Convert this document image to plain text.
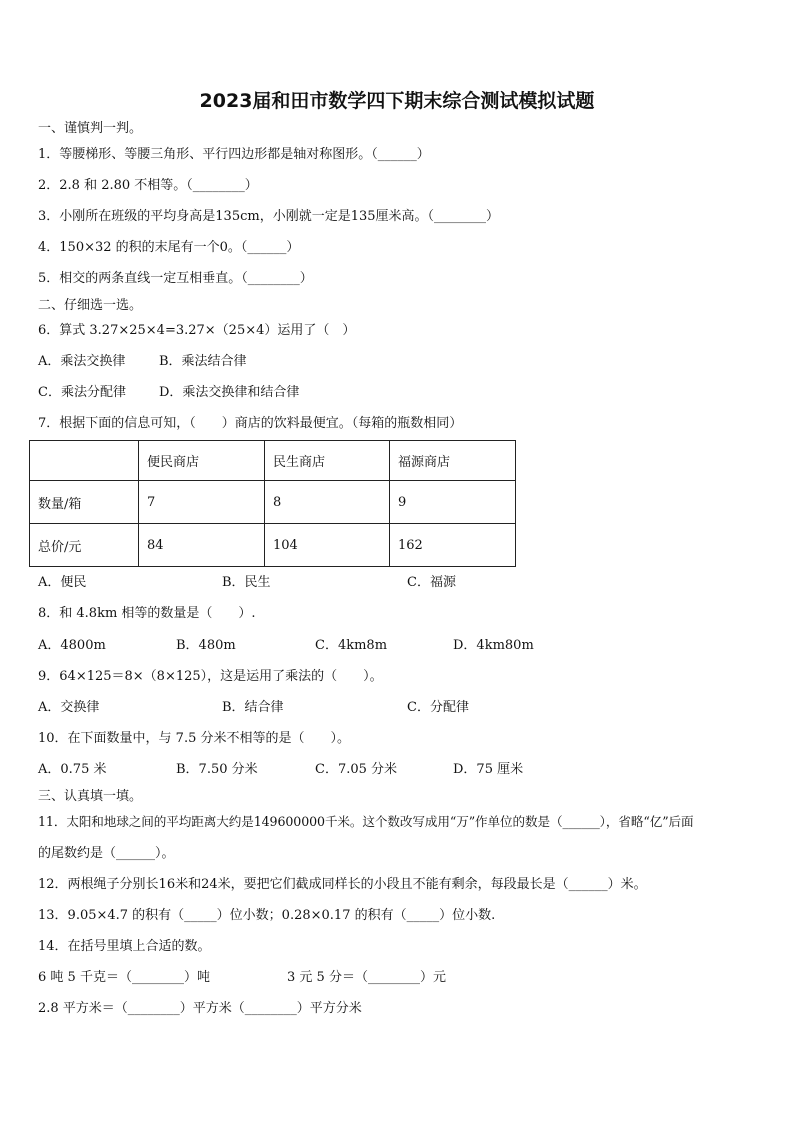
2023届和田市数学四下期末综合测试模拟试题
一、谨慎判一判。
1．等腰梯形、等腰三角形、平行四边形都是轴对称图形。（______）
2．2.8 和 2.80 不相等。（________）
3．小刚所在班级的平均身高是135cm，小刚就一定是135厘米高。（________）
4．150×32 的积的末尾有一个0。（______）
5．相交的两条直线一定互相垂直。（________）
二、仔细选一选。
6．算式 3.27×25×4=3.27×（25×4）运用了（　）
A．乘法交换律	B．乘法结合律
C．乘法分配律	D．乘法交换律和结合律
7．根据下面的信息可知，（　　）商店的饮料最便宜。（每箱的瓶数相同）
	便民商店	民生商店	福源商店
数量/箱	7	8	9
总价/元	84	104	162
A．便民	B．民生	C．福源
8．和 4.8km 相等的数量是（　　）.
A．4800m	B．480m	C．4km8m	D．4km80m
9．64×125＝8×（8×125），这是运用了乘法的（　　）。
A．交换律	B．结合律	C．分配律
10．在下面数量中，与 7.5 分米不相等的是（　　）。
A．0.75 米	B．7.50 分米	C．7.05 分米	D．75 厘米
三、认真填一填。
11．太阳和地球之间的平均距离大约是149600000千米。这个数改写成用“万”作单位的数是（______），省略“亿”后面
的尾数约是（______）。
12．两根绳子分别长16米和24米，要把它们截成同样长的小段且不能有剩余，每段最长是（______）米。
13．9.05×4.7 的积有（_____）位小数；0.28×0.17 的积有（_____）位小数.
14．在括号里填上合适的数。
6 吨 5 千克＝（________）吨	3 元 5 分＝（________）元
2.8 平方米＝（________）平方米（________）平方分米
